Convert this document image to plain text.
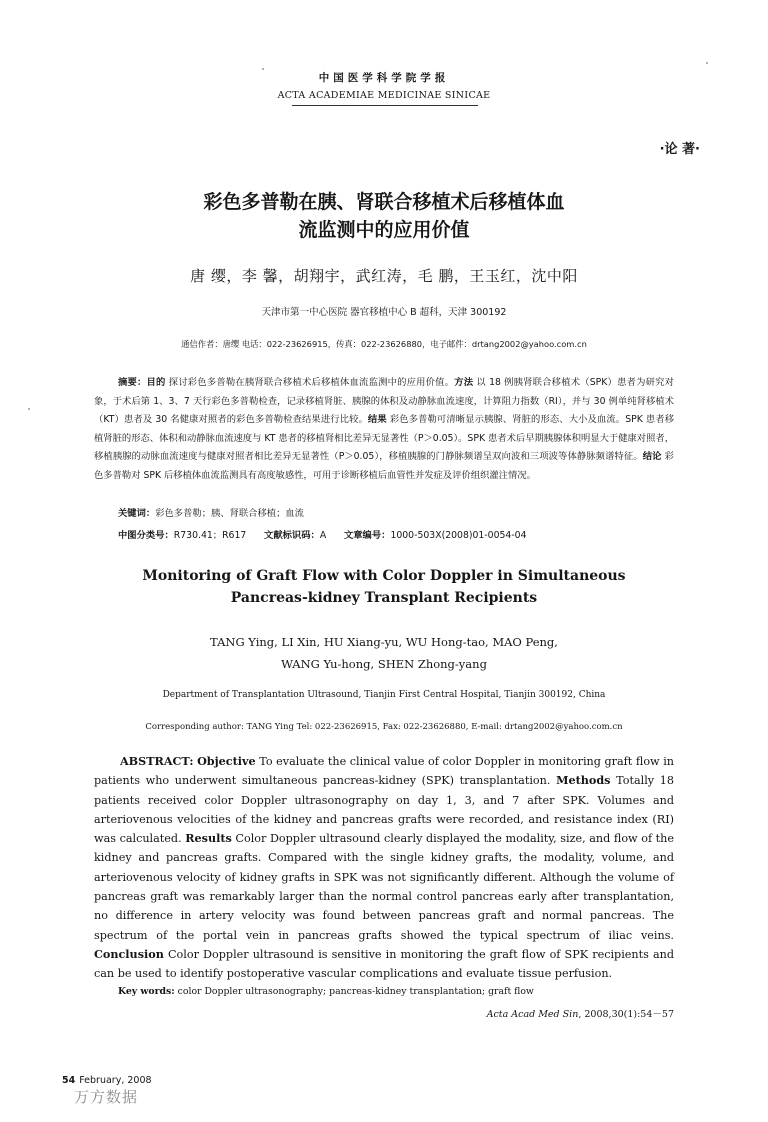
中国医学科学院学报
ACTA ACADEMIAE MEDICINAE SINICAE
·论 著·
彩色多普勒在胰、肾联合移植术后移植体血
流监测中的应用价值
唐 缨，李 馨，胡翔宇，武红涛，毛 鹏，王玉红，沈中阳
天津市第一中心医院 器官移植中心 B 超科，天津 300192
通信作者：唐缨 电话：022-23626915，传真：022-23626880，电子邮件：drtang2002@yahoo.com.cn
摘要：目的 探讨彩色多普勒在胰肾联合移植术后移植体血流监测中的应用价值。方法 以 18 例胰肾联合移植术（SPK）患者为研究对象，于术后第 1、3、7 天行彩色多普勒检查，记录移植肾脏、胰腺的体积及动静脉血流速度，计算阻力指数（RI），并与 30 例单纯肾移植术（KT）患者及 30 名健康对照者的彩色多普勒检查结果进行比较。结果 彩色多普勒可清晰显示胰腺、肾脏的形态、大小及血流。SPK 患者移植肾脏的形态、体积和动静脉血流速度与 KT 患者的移植肾相比差异无显著性（P＞0.05）。SPK 患者术后早期胰腺体积明显大于健康对照者，移植胰腺的动脉血流速度与健康对照者相比差异无显著性（P＞0.05），移植胰腺的门静脉频谱呈双向波和三项波等体静脉频谱特征。结论 彩色多普勒对 SPK 后移植体血流监测具有高度敏感性，可用于诊断移植后血管性并发症及评价组织灌注情况。
关键词：彩色多普勒；胰、肾联合移植；血流
中图分类号：R730.41；R617 文献标识码：A 文章编号：1000-503X(2008)01-0054-04
Monitoring of Graft Flow with Color Doppler in Simultaneous
Pancreas-kidney Transplant Recipients
TANG Ying, LI Xin, HU Xiang-yu, WU Hong-tao, MAO Peng,
WANG Yu-hong, SHEN Zhong-yang
Department of Transplantation Ultrasound, Tianjin First Central Hospital, Tianjin 300192, China
Corresponding author: TANG Ying Tel: 022-23626915, Fax: 022-23626880, E-mail: drtang2002@yahoo.com.cn
ABSTRACT: Objective To evaluate the clinical value of color Doppler in monitoring graft flow in patients who underwent simultaneous pancreas-kidney (SPK) transplantation. Methods Totally 18 patients received color Doppler ultrasonography on day 1, 3, and 7 after SPK. Volumes and arteriovenous velocities of the kidney and pancreas grafts were recorded, and resistance index (RI) was calculated. Results Color Doppler ultrasound clearly displayed the modality, size, and flow of the kidney and pancreas grafts. Compared with the single kidney grafts, the modality, volume, and arteriovenous velocity of kidney grafts in SPK was not significantly different. Although the volume of pancreas graft was remarkably larger than the normal control pancreas early after transplantation, no difference in artery velocity was found between pancreas graft and normal pancreas. The spectrum of the portal vein in pancreas grafts showed the typical spectrum of iliac veins. Conclusion Color Doppler ultrasound is sensitive in monitoring the graft flow of SPK recipients and can be used to identify postoperative vascular complications and evaluate tissue perfusion.
Key words: color Doppler ultrasonography; pancreas-kidney transplantation; graft flow
Acta Acad Med Sin, 2008,30(1):54－57
54 February, 2008
万方数据
